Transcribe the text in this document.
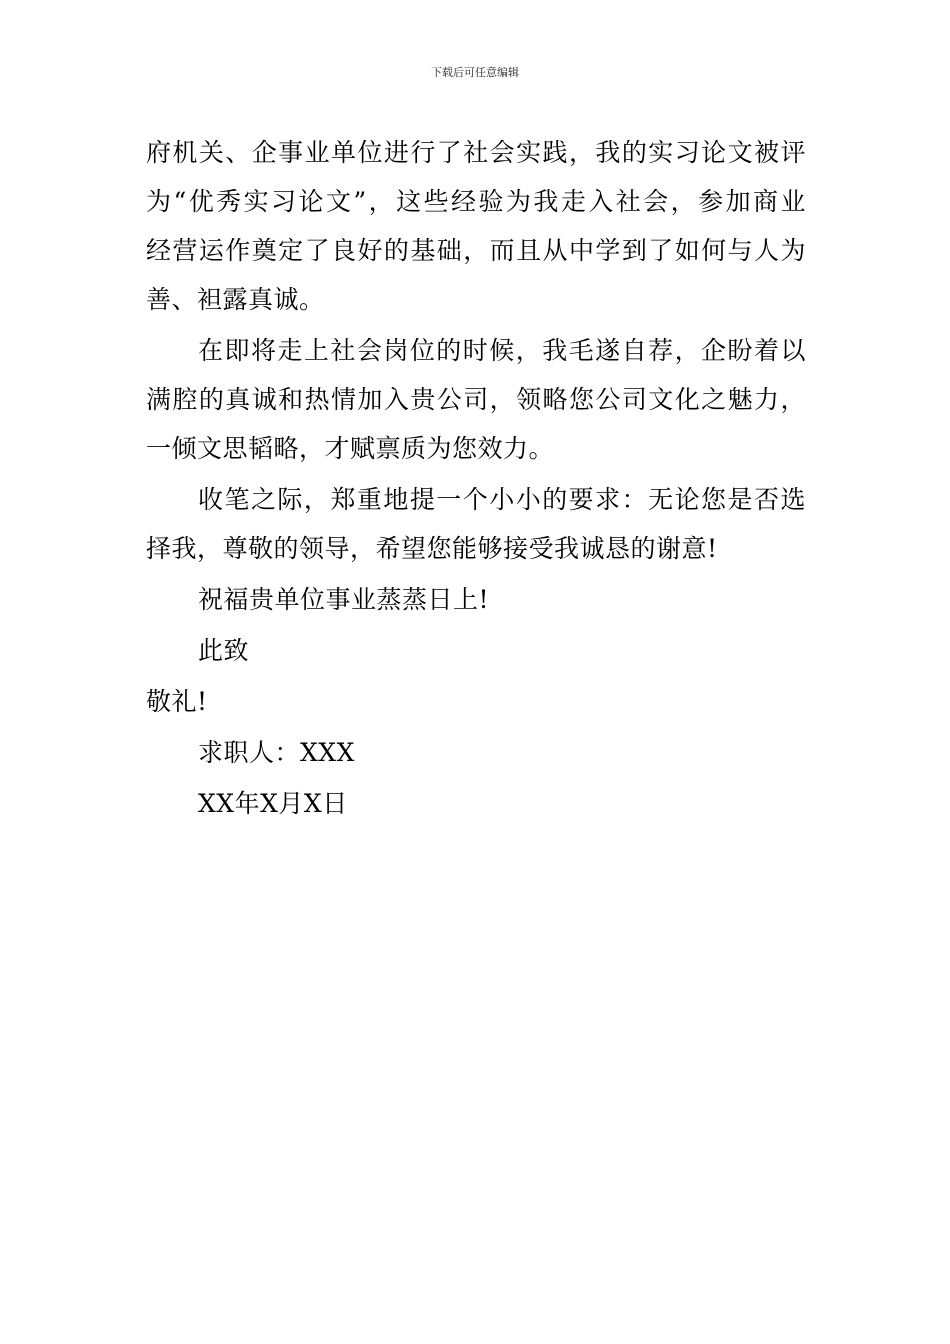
下载后可任意编辑
府机关、企事业单位进行了社会实践，我的实习论文被评
为“优秀实习论文”，这些经验为我走入社会，参加商业
经营运作奠定了良好的基础，而且从中学到了如何与人为
善、袒露真诚。
在即将走上社会岗位的时候，我毛遂自荐，企盼着以
满腔的真诚和热情加入贵公司，领略您公司文化之魅力，
一倾文思韬略，才赋禀质为您效力。
收笔之际，郑重地提一个小小的要求：无论您是否选
择我，尊敬的领导，希望您能够接受我诚恳的谢意!
祝福贵单位事业蒸蒸日上!
此致
敬礼!
求职人：XXX
XX年X月X日
